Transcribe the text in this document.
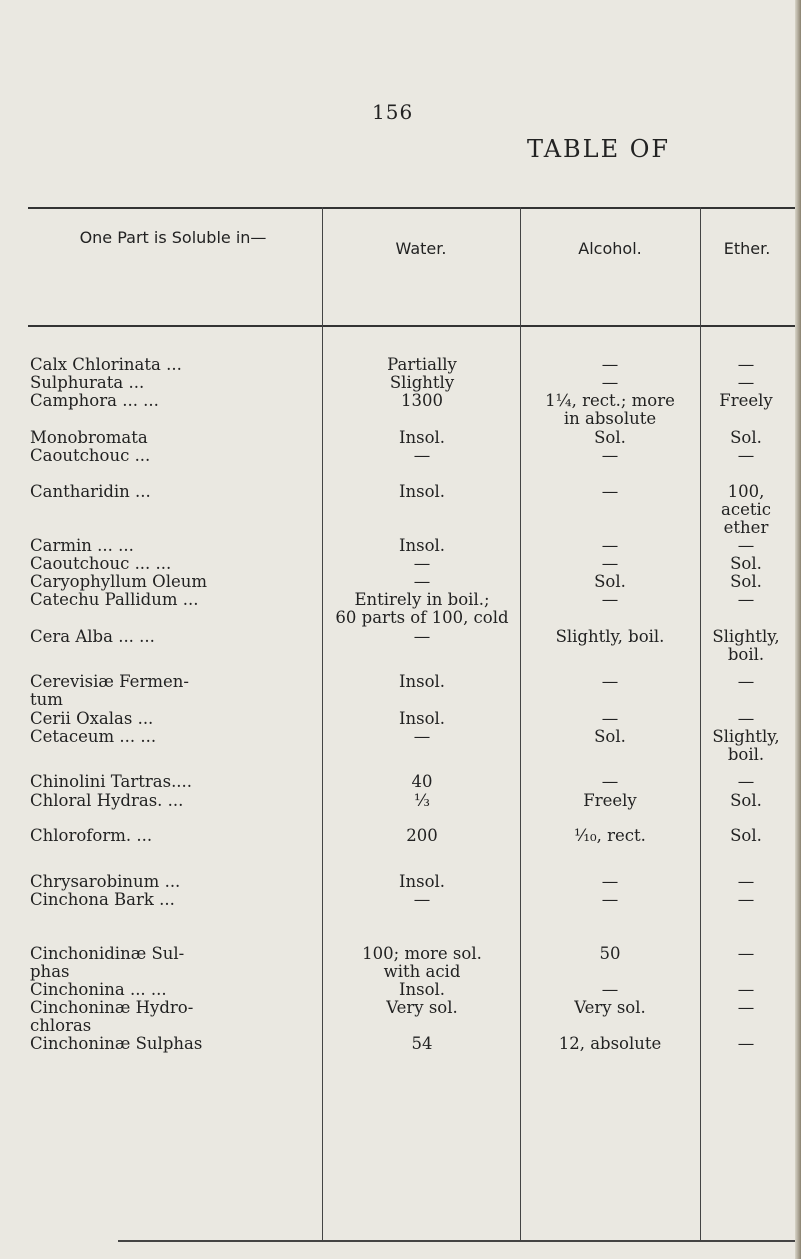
156
TABLE OF
One Part is Soluble in—
Water.	Alcohol.	Ether.
Calx Chlorinata ...	Partially	—	—
Sulphurata ...	Slightly	—	—
Camphora ... ...	1300	1¼, rect.; more	Freely
in absolute
Monobromata	Insol.	Sol.	Sol.
Caoutchouc ...	—	—	—
Cantharidin ...	Insol.	—	100,
acetic
ether
Carmin ... ...	Insol.	—	—
Caoutchouc ... ...	—	—	Sol.
Caryophyllum Oleum	—	Sol.	Sol.
Catechu Pallidum ...	Entirely in boil.;	—	—
60 parts of 100, cold
Cera Alba ... ...	—	Slightly, boil.	Slightly,
boil.
Cerevisiæ Fermen-	Insol.	—	—
tum
Cerii Oxalas ...	Insol.	—	—
Cetaceum ... ...	—	Sol.	Slightly,
boil.
Chinolini Tartras....	40	—	—
Chloral Hydras. ...	⅓	Freely	Sol.
Chloroform. ...	200	¹⁄₁₀, rect.	Sol.
Chrysarobinum ...	Insol.	—	—
Cinchona Bark ...	—	—	—
Cinchonidinæ Sul-	100; more sol.	50	—
phas	with acid
Cinchonina ... ...	Insol.	—	—
Cinchoninæ Hydro-	Very sol.	Very sol.	—
chloras
Cinchoninæ Sulphas	54	12, absolute	—
